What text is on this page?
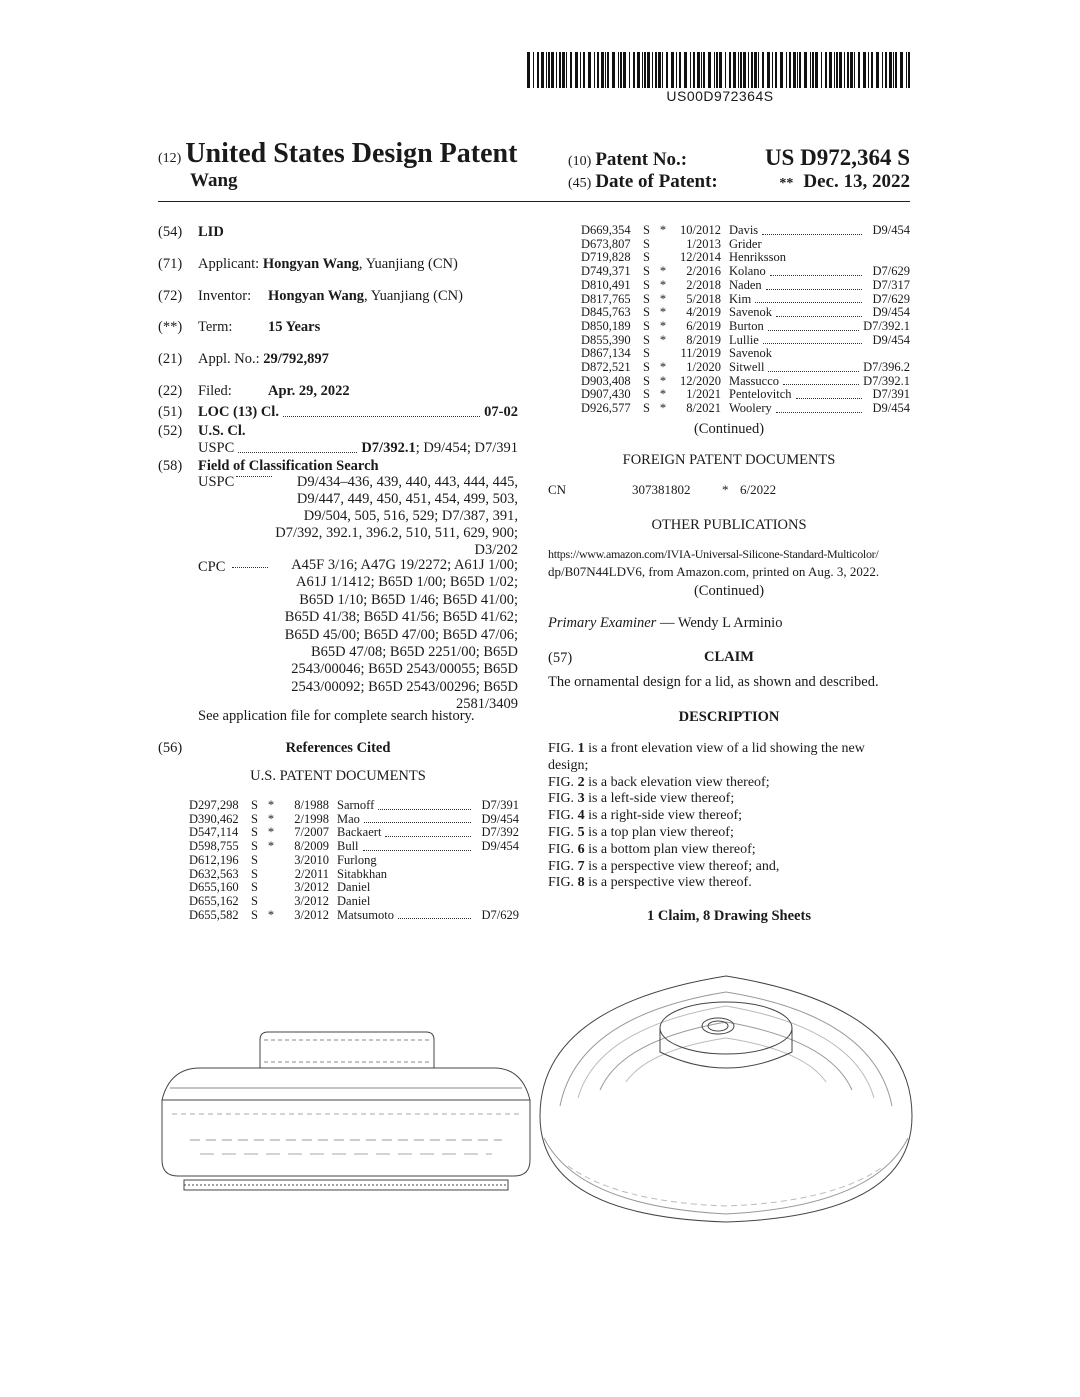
US00D972364S
(12) United States Design Patent
Wang
(10) Patent No.:	US D972,364 S
(45) Date of Patent:	** Dec. 13, 2022
(54) LID
(71) Applicant: Hongyan Wang, Yuanjiang (CN)
(72) Inventor: Hongyan Wang, Yuanjiang (CN)
(**) Term: 15 Years
(21) Appl. No.: 29/792,897
(22) Filed: Apr. 29, 2022
(51)	LOC (13) Cl.	07-02
(52)	U.S. Cl.
USPC	D7/392.1 ; D9/454; D7/391
(58)	Field of Classification Search
USPC	D9/434–436, 439, 440, 443, 444, 445,
D9/447, 449, 450, 451, 454, 499, 503,
D9/504, 505, 516, 529; D7/387, 391,
D7/392, 392.1, 396.2, 510, 511, 629, 900;
D3/202
CPC	A45F 3/16; A47G 19/2272; A61J 1/00;
A61J 1/1412; B65D 1/00; B65D 1/02;
B65D 1/10; B65D 1/46; B65D 41/00;
B65D 41/38; B65D 41/56; B65D 41/62;
B65D 45/00; B65D 47/00; B65D 47/06;
B65D 47/08; B65D 2251/00; B65D
2543/00046; B65D 2543/00055; B65D
2543/00092; B65D 2543/00296; B65D
2581/3409
See application file for complete search history.
(56)	References Cited
U.S. PATENT DOCUMENTS
D297,298 S *	8/1988 Sarnoff	D7/391
D390,462 S *	2/1998 Mao	D9/454
D547,114	S *	7/2007 Backaert	D7/392
D598,755 S *	8/2009 Bull	D9/454
D612,196 S	3/2010 Furlong
D632,563 S	2/2011 Sitabkhan
D655,160 S	3/2012 Daniel
D655,162 S	3/2012 Daniel
D655,582 S *	3/2012 Matsumoto	D7/629
D669,354 S *	10/2012 Davis	D9/454
D673,807 S	1/2013 Grider
D719,828 S	12/2014 Henriksson
D749,371 S *	2/2016 Kolano	D7/629
D810,491 S *	2/2018 Naden	D7/317
D817,765 S *	5/2018 Kim	D7/629
D845,763 S *	4/2019 Savenok	D9/454
D850,189 S *	6/2019 Burton	D7/392.1
D855,390 S *	8/2019 Lullie	D9/454
D867,134 S	11/2019 Savenok
D872,521 S *	1/2020 Sitwell	D7/396.2
D903,408 S *	12/2020 Massucco	D7/392.1
D907,430 S *	1/2021 Pentelovitch	D7/391
D926,577 S *	8/2021 Woolery	D9/454
(Continued)
FOREIGN PATENT DOCUMENTS
CN	307381802 * 6/2022
OTHER PUBLICATIONS
https://www.amazon.com/IVIA-Universal-Silicone-Standard-Multicolor/
dp/B07N44LDV6, from Amazon.com, printed on Aug. 3, 2022.
(Continued)
Primary Examiner — Wendy L Arminio
(57)	CLAIM
The ornamental design for a lid, as shown and described.
DESCRIPTION
FIG. 1 is a front elevation view of a lid showing the new
design;
FIG. 2 is a back elevation view thereof;
FIG. 3 is a left-side view thereof;
FIG. 4 is a right-side view thereof;
FIG. 5 is a top plan view thereof;
FIG. 6 is a bottom plan view thereof;
FIG. 7 is a perspective view thereof; and,
FIG. 8 is a perspective view thereof.
1 Claim, 8 Drawing Sheets
